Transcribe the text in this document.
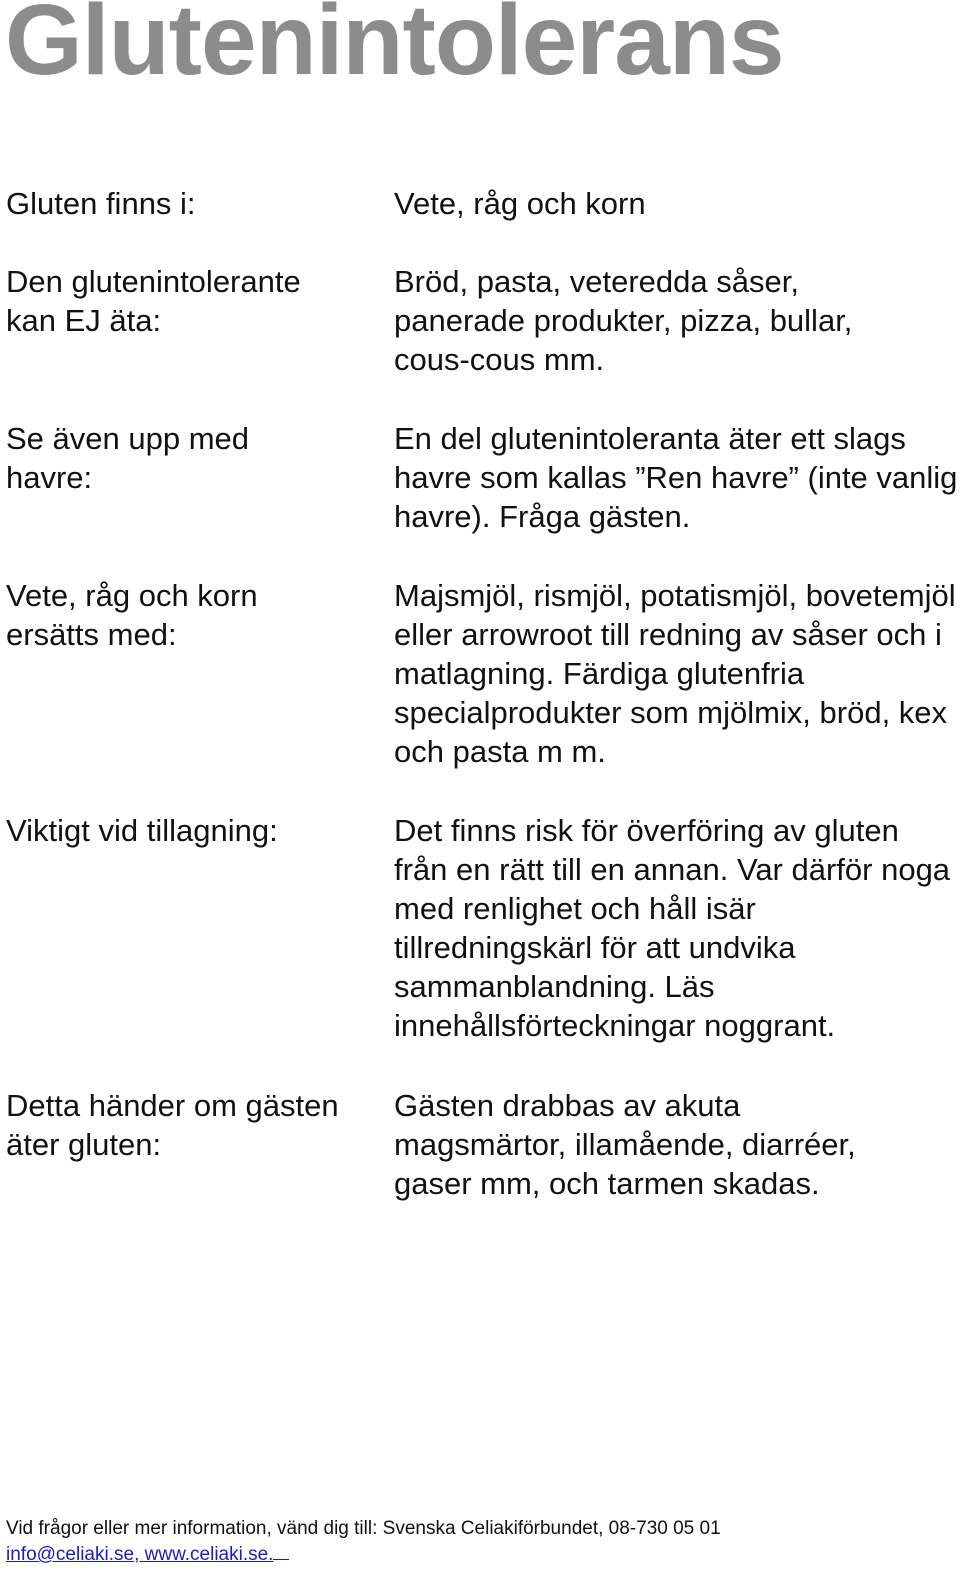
Glutenintolerans
Gluten finns i:	Vete, råg och korn
Den glutenintolerante kan EJ äta:
Bröd, pasta, veteredda såser, panerade produkter, pizza, bullar, cous-cous mm.
Se även upp med havre:
En del glutenintoleranta äter ett slags havre som kallas ”Ren havre” (inte vanlig havre). Fråga gästen.
Vete, råg och korn ersätts med:
Majsmjöl, rismjöl, potatismjöl, bovetemjöl eller arrowroot till redning av såser och i matlagning. Färdiga glutenfria specialprodukter som mjölmix, bröd, kex och pasta m m.
Viktigt vid tillagning:	Det finns risk för överföring av gluten från en rätt till en annan. Var därför noga med renlighet och håll isär tillredningskärl för att undvika sammanblandning. Läs innehållsförteckningar noggrant.
Detta händer om gästen äter gluten:
Gästen drabbas av akuta magsmärtor, illamående, diarréer, gaser mm, och tarmen skadas.
Vid frågor eller mer information, vänd dig till: Svenska Celiakiförbundet, 08-730 05 01
info@celiaki.se, www.celiaki.se.
